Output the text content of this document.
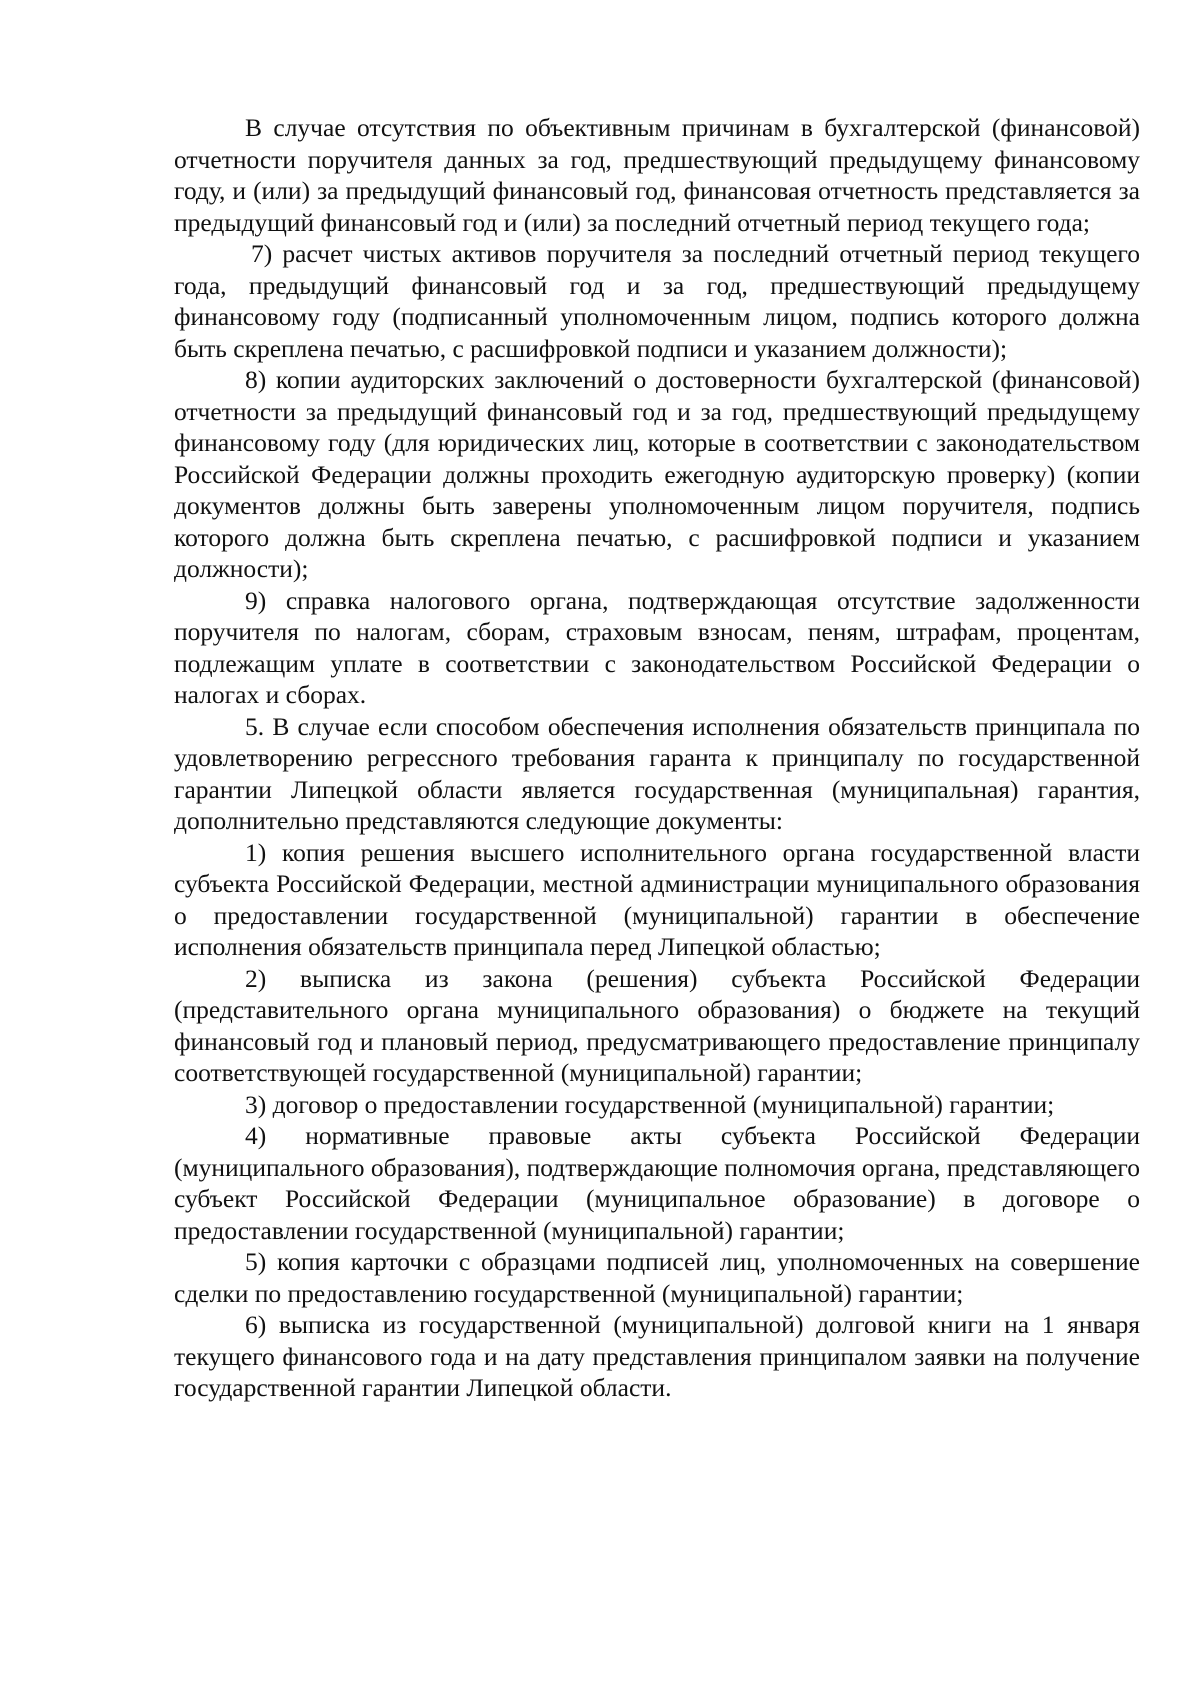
В случае отсутствия по объективным причинам в бухгалтерской (финансовой) отчетности поручителя данных за год, предшествующий предыдущему финансовому году, и (или) за предыдущий финансовый год, финансовая отчетность представляется за предыдущий финансовый год и (или) за последний отчетный период текущего года;

7) расчет чистых активов поручителя за последний отчетный период текущего года, предыдущий финансовый год и за год, предшествующий предыдущему финансовому году (подписанный уполномоченным лицом, подпись которого должна быть скреплена печатью, с расшифровкой подписи и указанием должности);

8) копии аудиторских заключений о достоверности бухгалтерской (финансовой) отчетности за предыдущий финансовый год и за год, предшествующий предыдущему финансовому году (для юридических лиц, которые в соответствии с законодательством Российской Федерации должны проходить ежегодную аудиторскую проверку) (копии документов должны быть заверены уполномоченным лицом поручителя, подпись которого должна быть скреплена печатью, с расшифровкой подписи и указанием должности);

9) справка налогового органа, подтверждающая отсутствие задолженности поручителя по налогам, сборам, страховым взносам, пеням, штрафам, процентам, подлежащим уплате в соответствии с законодательством Российской Федерации о налогах и сборах.

5. В случае если способом обеспечения исполнения обязательств принципала по удовлетворению регрессного требования гаранта к принципалу по государственной гарантии Липецкой области является государственная (муниципальная) гарантия, дополнительно представляются следующие документы:

1) копия решения высшего исполнительного органа государственной власти субъекта Российской Федерации, местной администрации муниципального образования о предоставлении государственной (муниципальной) гарантии в обеспечение исполнения обязательств принципала перед Липецкой областью;

2) выписка из закона (решения) субъекта Российской Федерации (представительного органа муниципального образования) о бюджете на текущий финансовый год и плановый период, предусматривающего предоставление принципалу соответствующей государственной (муниципальной) гарантии;

3) договор о предоставлении государственной (муниципальной) гарантии;

4) нормативные правовые акты субъекта Российской Федерации (муниципального образования), подтверждающие полномочия органа, представляющего субъект Российской Федерации (муниципальное образование) в договоре о предоставлении государственной (муниципальной) гарантии;

5) копия карточки с образцами подписей лиц, уполномоченных на совершение сделки по предоставлению государственной (муниципальной) гарантии;

6) выписка из государственной (муниципальной) долговой книги на 1 января текущего финансового года и на дату представления принципалом заявки на получение государственной гарантии Липецкой области.
